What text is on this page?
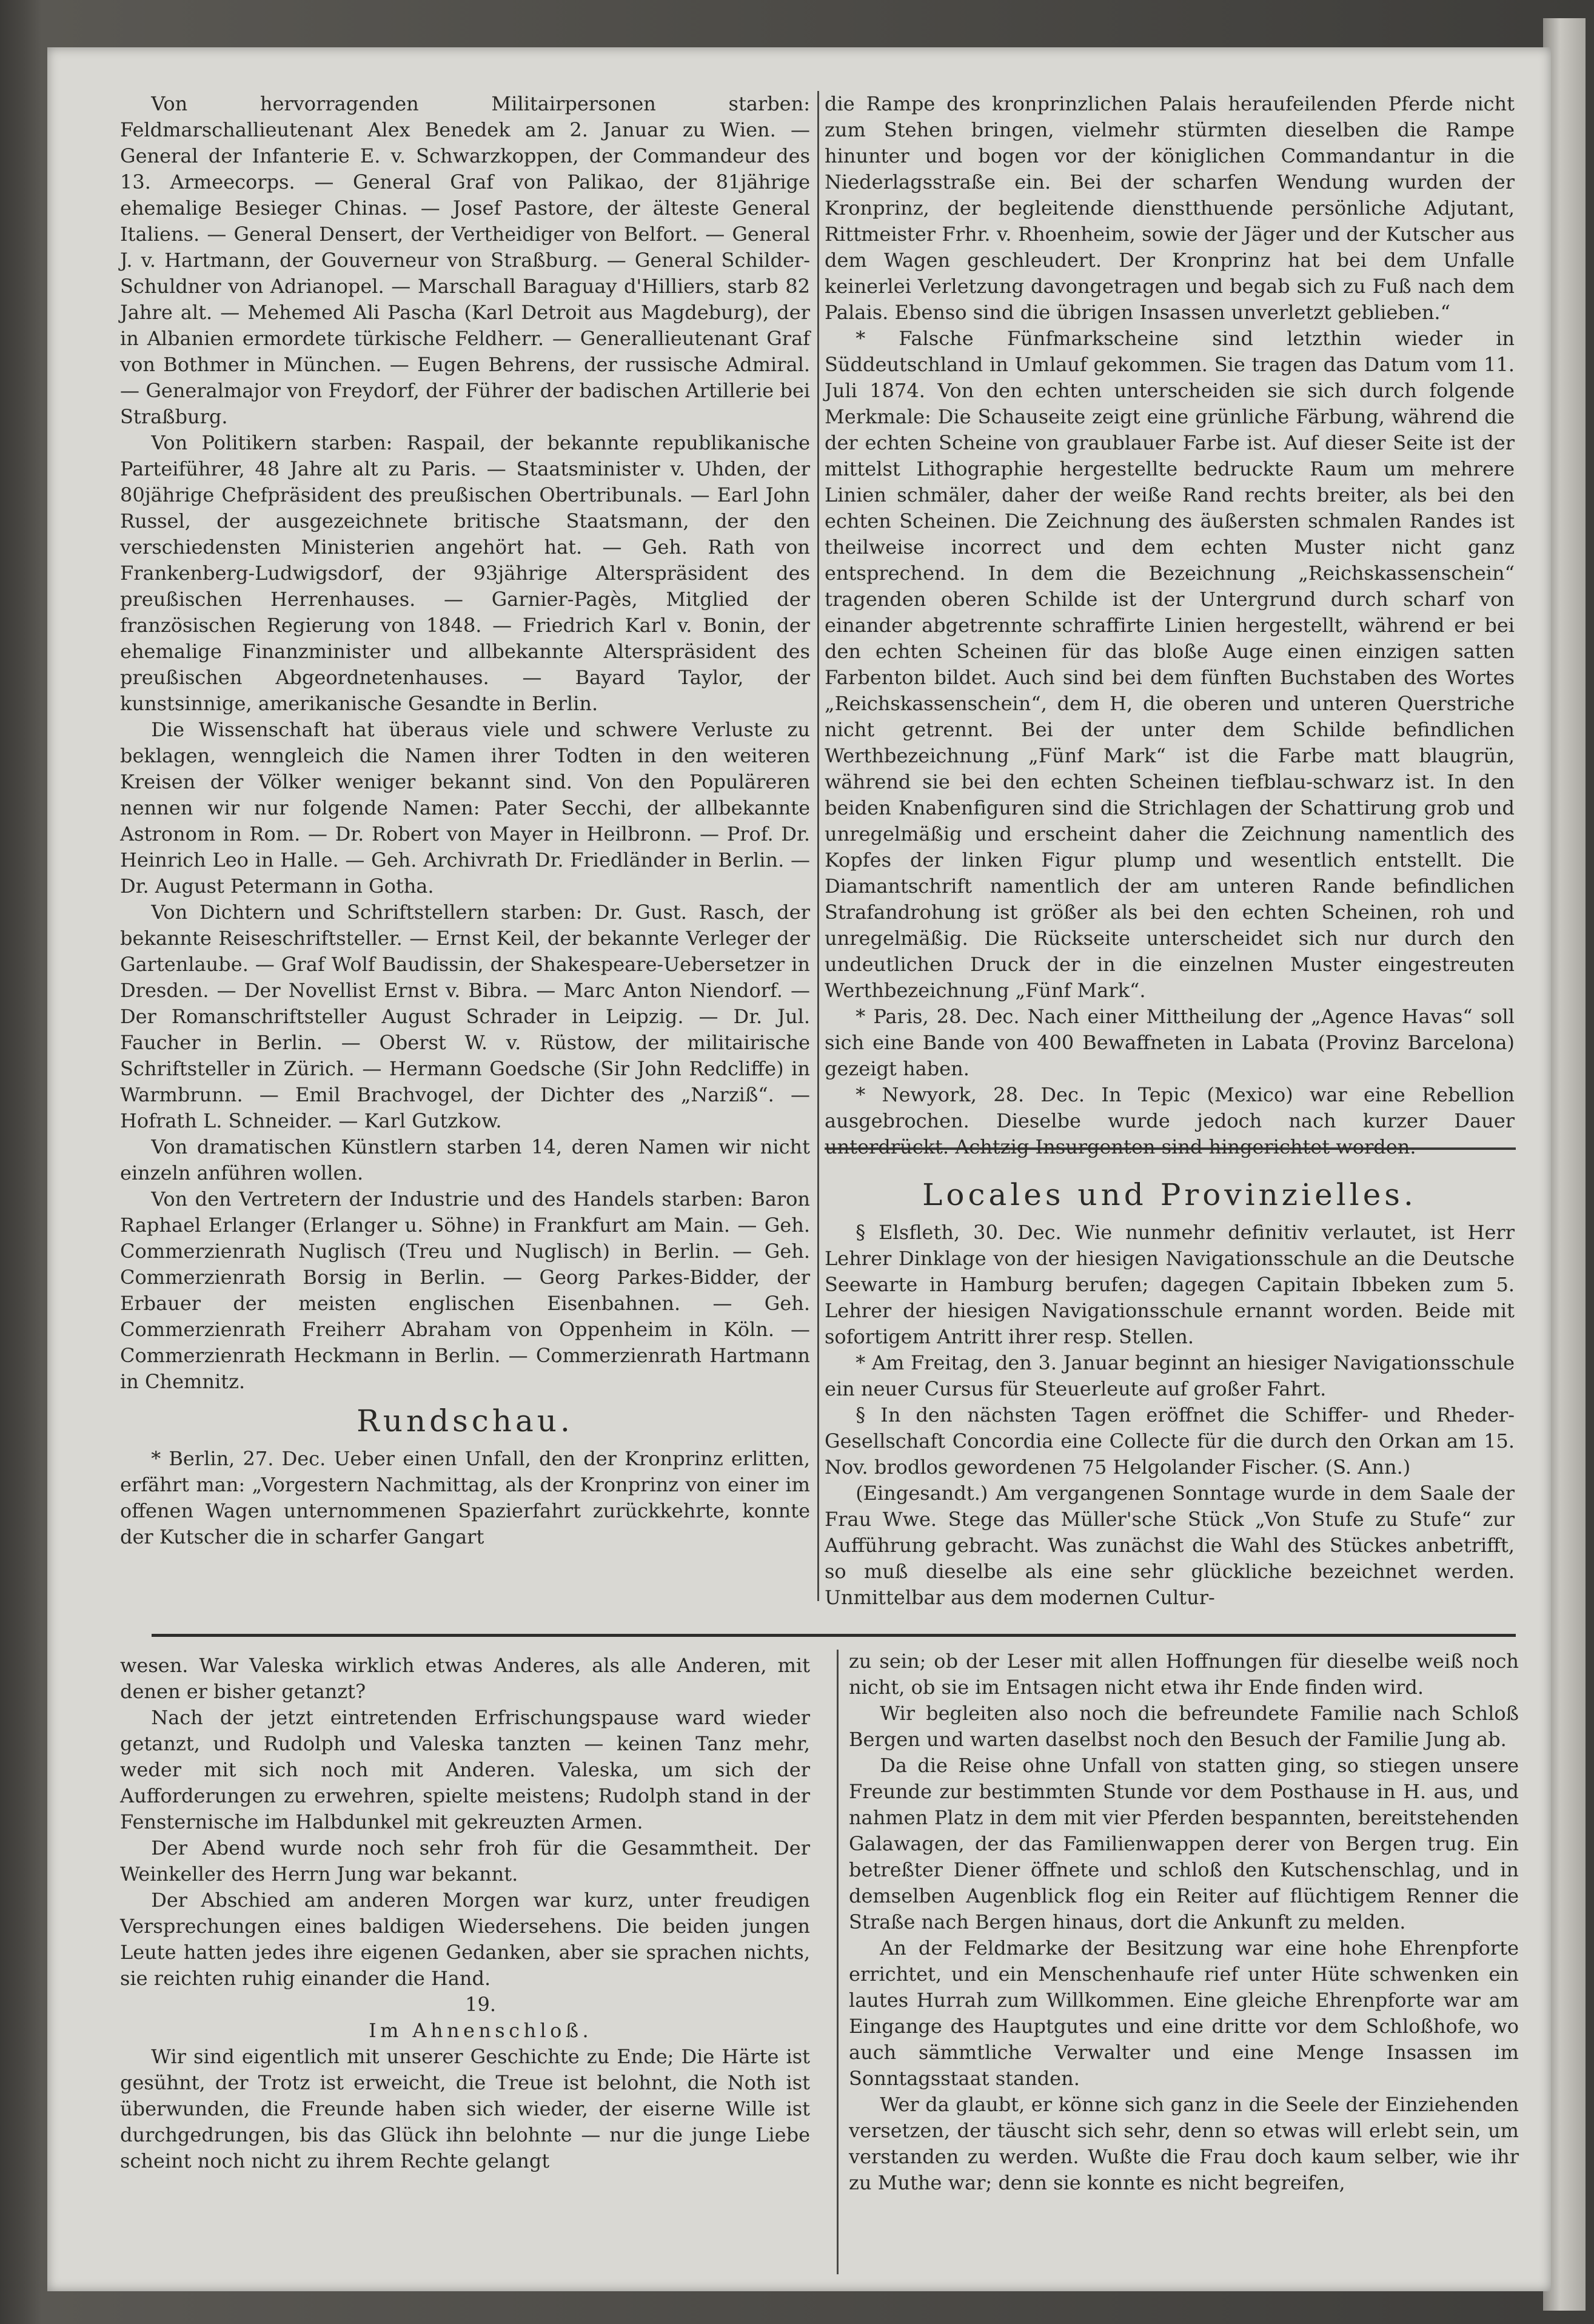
Von hervorragenden Militairpersonen starben: Feldmarschallieutenant Alex Benedek am 2. Januar zu Wien. — General der Infanterie E. v. Schwarzkoppen, der Commandeur des 13. Armeecorps. — General Graf von Palikao, der 81jährige ehemalige Besieger Chinas. — Josef Pastore, der älteste General Italiens. — General Densert, der Vertheidiger von Belfort. — General J. v. Hartmann, der Gouverneur von Straßburg. — General Schilder-Schuldner von Adrianopel. — Marschall Baraguay d'Hilliers, starb 82 Jahre alt. — Mehemed Ali Pascha (Karl Detroit aus Magdeburg), der in Albanien ermordete türkische Feldherr. — Generallieutenant Graf von Bothmer in München. — Eugen Behrens, der russische Admiral. — Generalmajor von Freydorf, der Führer der badischen Artillerie bei Straßburg.

Von Politikern starben: Raspail, der bekannte republikanische Parteiführer, 48 Jahre alt zu Paris. — Staatsminister v. Uhden, der 80jährige Chefpräsident des preußischen Obertribunals. — Earl John Russel, der ausgezeichnete britische Staatsmann, der den verschiedensten Ministerien angehört hat. — Geh. Rath von Frankenberg-Ludwigsdorf, der 93jährige Alterspräsident des preußischen Herrenhauses. — Garnier-Pagès, Mitglied der französischen Regierung von 1848. — Friedrich Karl v. Bonin, der ehemalige Finanzminister und allbekannte Alterspräsident des preußischen Abgeordnetenhauses. — Bayard Taylor, der kunstsinnige, amerikanische Gesandte in Berlin.

Die Wissenschaft hat überaus viele und schwere Verluste zu beklagen, wenngleich die Namen ihrer Todten in den weiteren Kreisen der Völker weniger bekannt sind. Von den Populäreren nennen wir nur folgende Namen: Pater Secchi, der allbekannte Astronom in Rom. — Dr. Robert von Mayer in Heilbronn. — Prof. Dr. Heinrich Leo in Halle. — Geh. Archivrath Dr. Friedländer in Berlin. — Dr. August Petermann in Gotha.

Von Dichtern und Schriftstellern starben: Dr. Gust. Rasch, der bekannte Reiseschriftsteller. — Ernst Keil, der bekannte Verleger der Gartenlaube. — Graf Wolf Baudissin, der Shakespeare-Uebersetzer in Dresden. — Der Novellist Ernst v. Bibra. — Marc Anton Niendorf. — Der Romanschriftsteller August Schrader in Leipzig. — Dr. Jul. Faucher in Berlin. — Oberst W. v. Rüstow, der militairische Schriftsteller in Zürich. — Hermann Goedsche (Sir John Redcliffe) in Warmbrunn. — Emil Brachvogel, der Dichter des „Narziß“. — Hofrath L. Schneider. — Karl Gutzkow.

Von dramatischen Künstlern starben 14, deren Namen wir nicht einzeln anführen wollen.

Von den Vertretern der Industrie und des Handels starben: Baron Raphael Erlanger (Erlanger u. Söhne) in Frankfurt am Main. — Geh. Commerzienrath Nuglisch (Treu und Nuglisch) in Berlin. — Geh. Commerzienrath Borsig in Berlin. — Georg Parkes-Bidder, der Erbauer der meisten englischen Eisenbahnen. — Geh. Commerzienrath Freiherr Abraham von Oppenheim in Köln. — Commerzienrath Heckmann in Berlin. — Commerzienrath Hartmann in Chemnitz.

Rundschau.

* Berlin, 27. Dec. Ueber einen Unfall, den der Kronprinz erlitten, erfährt man: „Vorgestern Nachmittag, als der Kronprinz von einer im offenen Wagen unternommenen Spazierfahrt zurückkehrte, konnte der Kutscher die in scharfer Gangart

die Rampe des kronprinzlichen Palais heraufeilenden Pferde nicht zum Stehen bringen, vielmehr stürmten dieselben die Rampe hinunter und bogen vor der königlichen Commandantur in die Niederlagsstraße ein. Bei der scharfen Wendung wurden der Kronprinz, der begleitende dienstthuende persönliche Adjutant, Rittmeister Frhr. v. Rhoenheim, sowie der Jäger und der Kutscher aus dem Wagen geschleudert. Der Kronprinz hat bei dem Unfalle keinerlei Verletzung davongetragen und begab sich zu Fuß nach dem Palais. Ebenso sind die übrigen Insassen unverletzt geblieben.“

* Falsche Fünfmarkscheine sind letzthin wieder in Süddeutschland in Umlauf gekommen. Sie tragen das Datum vom 11. Juli 1874. Von den echten unterscheiden sie sich durch folgende Merkmale: Die Schauseite zeigt eine grünliche Färbung, während die der echten Scheine von graublauer Farbe ist. Auf dieser Seite ist der mittelst Lithographie hergestellte bedruckte Raum um mehrere Linien schmäler, daher der weiße Rand rechts breiter, als bei den echten Scheinen. Die Zeichnung des äußersten schmalen Randes ist theilweise incorrect und dem echten Muster nicht ganz entsprechend. In dem die Bezeichnung „Reichskassenschein“ tragenden oberen Schilde ist der Untergrund durch scharf von einander abgetrennte schraffirte Linien hergestellt, während er bei den echten Scheinen für das bloße Auge einen einzigen satten Farbenton bildet. Auch sind bei dem fünften Buchstaben des Wortes „Reichskassenschein“, dem H, die oberen und unteren Querstriche nicht getrennt. Bei der unter dem Schilde befindlichen Werthbezeichnung „Fünf Mark“ ist die Farbe matt blaugrün, während sie bei den echten Scheinen tiefblau-schwarz ist. In den beiden Knabenfiguren sind die Strichlagen der Schattirung grob und unregelmäßig und erscheint daher die Zeichnung namentlich des Kopfes der linken Figur plump und wesentlich entstellt. Die Diamantschrift namentlich der am unteren Rande befindlichen Strafandrohung ist größer als bei den echten Scheinen, roh und unregelmäßig. Die Rückseite unterscheidet sich nur durch den undeutlichen Druck der in die einzelnen Muster eingestreuten Werthbezeichnung „Fünf Mark“.

* Paris, 28. Dec. Nach einer Mittheilung der „Agence Havas“ soll sich eine Bande von 400 Bewaffneten in Labata (Provinz Barcelona) gezeigt haben.

* Newyork, 28. Dec. In Tepic (Mexico) war eine Rebellion ausgebrochen. Dieselbe wurde jedoch nach kurzer Dauer unterdrückt. Achtzig Insurgenten sind hingerichtet worden.

Locales und Provinzielles.

§ Elsfleth, 30. Dec. Wie nunmehr definitiv verlautet, ist Herr Lehrer Dinklage von der hiesigen Navigationsschule an die Deutsche Seewarte in Hamburg berufen; dagegen Capitain Ibbeken zum 5. Lehrer der hiesigen Navigationsschule ernannt worden. Beide mit sofortigem Antritt ihrer resp. Stellen.

* Am Freitag, den 3. Januar beginnt an hiesiger Navigationsschule ein neuer Cursus für Steuerleute auf großer Fahrt.

§ In den nächsten Tagen eröffnet die Schiffer- und Rheder-Gesellschaft Concordia eine Collecte für die durch den Orkan am 15. Nov. brodlos gewordenen 75 Helgolander Fischer. (S. Ann.)

(Eingesandt.) Am vergangenen Sonntage wurde in dem Saale der Frau Wwe. Stege das Müller'sche Stück „Von Stufe zu Stufe“ zur Aufführung gebracht. Was zunächst die Wahl des Stückes anbetrifft, so muß dieselbe als eine sehr glückliche bezeichnet werden. Unmittelbar aus dem modernen Cultur-

wesen. War Valeska wirklich etwas Anderes, als alle Anderen, mit denen er bisher getanzt?

Nach der jetzt eintretenden Erfrischungspause ward wieder getanzt, und Rudolph und Valeska tanzten — keinen Tanz mehr, weder mit sich noch mit Anderen. Valeska, um sich der Aufforderungen zu erwehren, spielte meistens; Rudolph stand in der Fensternische im Halbdunkel mit gekreuzten Armen.

Der Abend wurde noch sehr froh für die Gesammtheit. Der Weinkeller des Herrn Jung war bekannt.

Der Abschied am anderen Morgen war kurz, unter freudigen Versprechungen eines baldigen Wiedersehens. Die beiden jungen Leute hatten jedes ihre eigenen Gedanken, aber sie sprachen nichts, sie reichten ruhig einander die Hand.

19.

Im Ahnenschloß.

Wir sind eigentlich mit unserer Geschichte zu Ende; Die Härte ist gesühnt, der Trotz ist erweicht, die Treue ist belohnt, die Noth ist überwunden, die Freunde haben sich wieder, der eiserne Wille ist durchgedrungen, bis das Glück ihn belohnte — nur die junge Liebe scheint noch nicht zu ihrem Rechte gelangt

zu sein; ob der Leser mit allen Hoffnungen für dieselbe weiß noch nicht, ob sie im Entsagen nicht etwa ihr Ende finden wird.

Wir begleiten also noch die befreundete Familie nach Schloß Bergen und warten daselbst noch den Besuch der Familie Jung ab.

Da die Reise ohne Unfall von statten ging, so stiegen unsere Freunde zur bestimmten Stunde vor dem Posthause in H. aus, und nahmen Platz in dem mit vier Pferden bespannten, bereitstehenden Galawagen, der das Familienwappen derer von Bergen trug. Ein betreßter Diener öffnete und schloß den Kutschenschlag, und in demselben Augenblick flog ein Reiter auf flüchtigem Renner die Straße nach Bergen hinaus, dort die Ankunft zu melden.

An der Feldmarke der Besitzung war eine hohe Ehrenpforte errichtet, und ein Menschenhaufe rief unter Hüte schwenken ein lautes Hurrah zum Willkommen. Eine gleiche Ehrenpforte war am Eingange des Hauptgutes und eine dritte vor dem Schloßhofe, wo auch sämmtliche Verwalter und eine Menge Insassen im Sonntagsstaat standen.

Wer da glaubt, er könne sich ganz in die Seele der Einziehenden versetzen, der täuscht sich sehr, denn so etwas will erlebt sein, um verstanden zu werden. Wußte die Frau doch kaum selber, wie ihr zu Muthe war; denn sie konnte es nicht begreifen,
